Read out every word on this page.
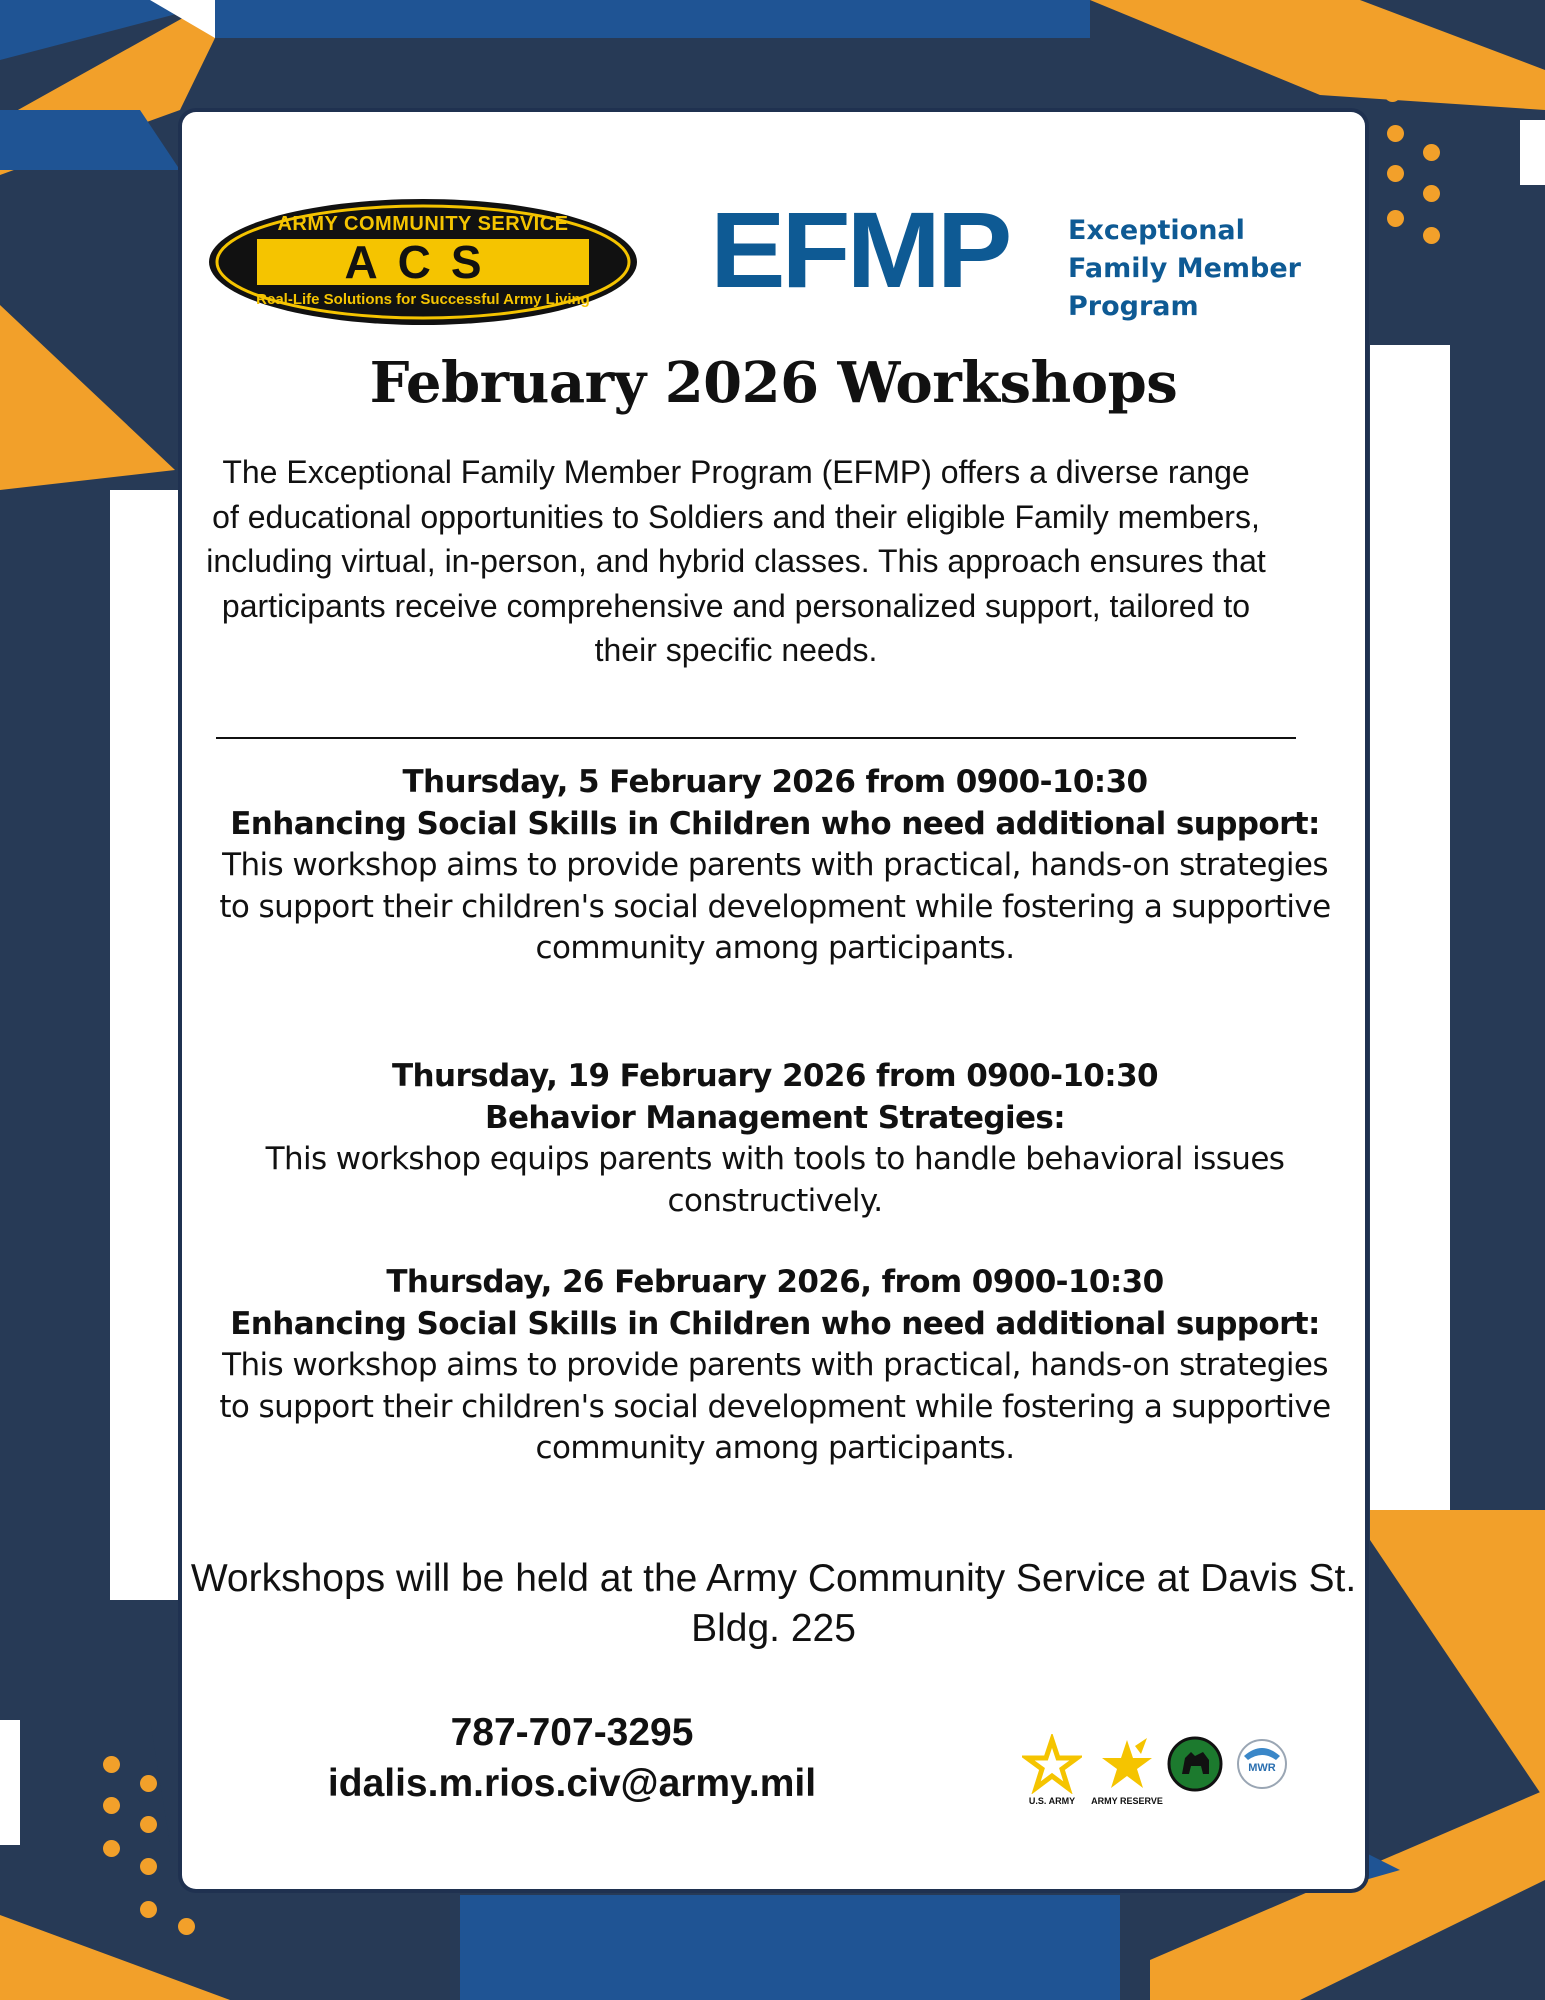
ARMY COMMUNITY SERVICE
ACS
Real-Life Solutions for Successful Army Living	EFMP Exceptional
Family Member
Program
February 2026 Workshops

The Exceptional Family Member Program (EFMP) offers a diverse range of educational opportunities to Soldiers and their eligible Family members, including virtual, in-person, and hybrid classes. This approach ensures that participants receive comprehensive and personalized support, tailored to their specific needs.

Thursday, 5 February 2026 from 0900-10:30
Enhancing Social Skills in Children who need additional support: This workshop aims to provide parents with practical, hands-on strategies to support their children's social development while fostering a supportive community among participants.
Thursday, 19 February 2026 from 0900-10:30
Behavior Management Strategies:
This workshop equips parents with tools to handle behavioral issues constructively.
Thursday, 26 February 2026, from 0900-10:30
Enhancing Social Skills in Children who need additional support: This workshop aims to provide parents with practical, hands-on strategies to support their children's social development while fostering a supportive community among participants.

Workshops will be held at the Army Community Service at Davis St. Bldg. 225

787-707-3295
idalis.m.rios.civ@army.mil	U.S. ARMY	ARMY RESERVE
MWR
